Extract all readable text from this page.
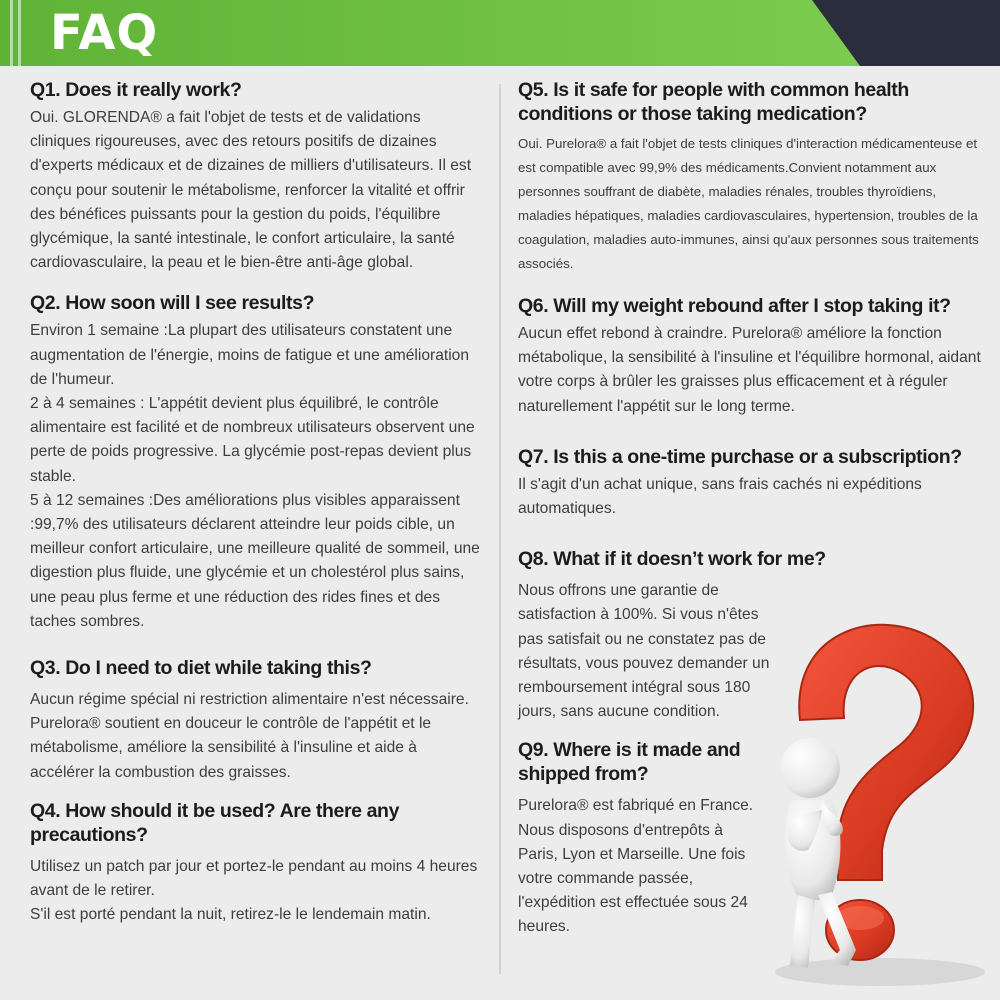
FAQ
Q1. Does it really work?

Oui. GLORENDA® a fait l'objet de tests et de validations cliniques rigoureuses, avec des retours positifs de dizaines d'experts médicaux et de dizaines de milliers d'utilisateurs. Il est conçu pour soutenir le métabolisme, renforcer la vitalité et offrir des bénéfices puissants pour la gestion du poids, l'équilibre glycémique, la santé intestinale, le confort articulaire, la santé cardiovasculaire, la peau et le bien-être anti-âge global.

Q2. How soon will I see results?

Environ 1 semaine :La plupart des utilisateurs constatent une augmentation de l'énergie, moins de fatigue et une amélioration de l'humeur.
2 à 4 semaines : L'appétit devient plus équilibré, le contrôle alimentaire est facilité et de nombreux utilisateurs observent une perte de poids progressive. La glycémie post-repas devient plus stable.
5 à 12 semaines :Des améliorations plus visibles apparaissent :99,7% des utilisateurs déclarent atteindre leur poids cible, un meilleur confort articulaire, une meilleure qualité de sommeil, une digestion plus fluide, une glycémie et un cholestérol plus sains, une peau plus ferme et une réduction des rides fines et des taches sombres.

Q3. Do I need to diet while taking this?

Aucun régime spécial ni restriction alimentaire n'est nécessaire. Purelora® soutient en douceur le contrôle de l'appétit et le métabolisme, améliore la sensibilité à l'insuline et aide à accélérer la combustion des graisses.

Q4. How should it be used? Are there any precautions?

Utilisez un patch par jour et portez-le pendant au moins 4 heures avant de le retirer.
S'il est porté pendant la nuit, retirez-le le lendemain matin.

Q5. Is it safe for people with common health conditions or those taking medication?

Oui. Purelora® a fait l'objet de tests cliniques d'interaction médicamenteuse et est compatible avec 99,9% des médicaments.Convient notamment aux personnes souffrant de diabète, maladies rénales, troubles thyroïdiens, maladies hépatiques, maladies cardiovasculaires, hypertension, troubles de la coagulation, maladies auto-immunes, ainsi qu'aux personnes sous traitements associés.

Q6. Will my weight rebound after I stop taking it?

Aucun effet rebond à craindre. Purelora® améliore la fonction métabolique, la sensibilité à l'insuline et l'équilibre hormonal, aidant votre corps à brûler les graisses plus efficacement et à réguler naturellement l'appétit sur le long terme.

Q7. Is this a one-time purchase or a subscription?

Il s'agit d'un achat unique, sans frais cachés ni expéditions automatiques.

Q8. What if it doesn’t work for me?

Nous offrons une garantie de satisfaction à 100%. Si vous n'êtes pas satisfait ou ne constatez pas de résultats, vous pouvez demander un remboursement intégral sous 180 jours, sans aucune condition.

Q9. Where is it made and shipped from?

Purelora® est fabriqué en France. Nous disposons d'entrepôts à Paris, Lyon et Marseille. Une fois votre commande passée, l'expédition est effectuée sous 24 heures.
